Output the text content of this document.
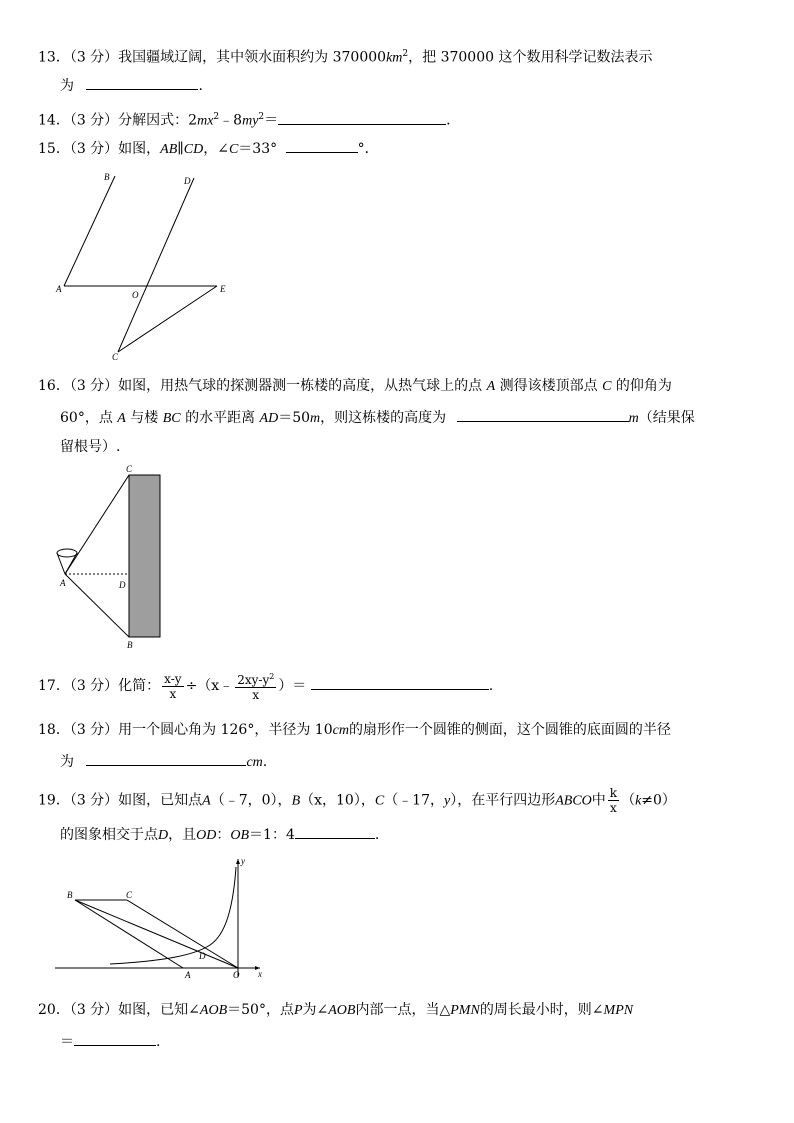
13．（3 分）我国疆域辽阔，其中领水面积约为 $370000km^2$，把 370000 这个数用科学记数法表示
为	.
14．（3 分）分解因式：$2mx^2﹣8my^2=$	.
15．（3 分）如图，AB∥CD，∠C＝33°	°．
B	D
A
O
E
C
16．（3 分）如图，用热气球的探测器测一栋楼的高度，从热气球上的点 A 测得该楼顶部点 C 的仰角为
60°，点 A 与楼 BC 的水平距离 AD＝50m，则这栋楼的高度为	m（结果保
留根号）.
C
A	D
B
17．（3 分）化简： $\frac{x-y}{x}$ ÷（x﹣ $\frac{2xy-y^2}{x}$ ）＝	.
18．（3 分）用一个圆心角为 126°，半径为 10cm的扇形作一个圆锥的侧面，这个圆锥的底面圆的半径
为	cm.
19．（3 分）如图，已知点A（﹣7，0），B（x，10），C（﹣17，y），在平行四边形ABCO中 $\frac{k}{x} (k\ne 0)$
的图象相交于点D，且OD：OB＝1：4	.
B	C
y
D
A	O x
20．（3 分）如图，已知∠AOB＝50°，点P为∠AOB内部一点，当△PMN的周长最小时，则∠MPN
＝	.
